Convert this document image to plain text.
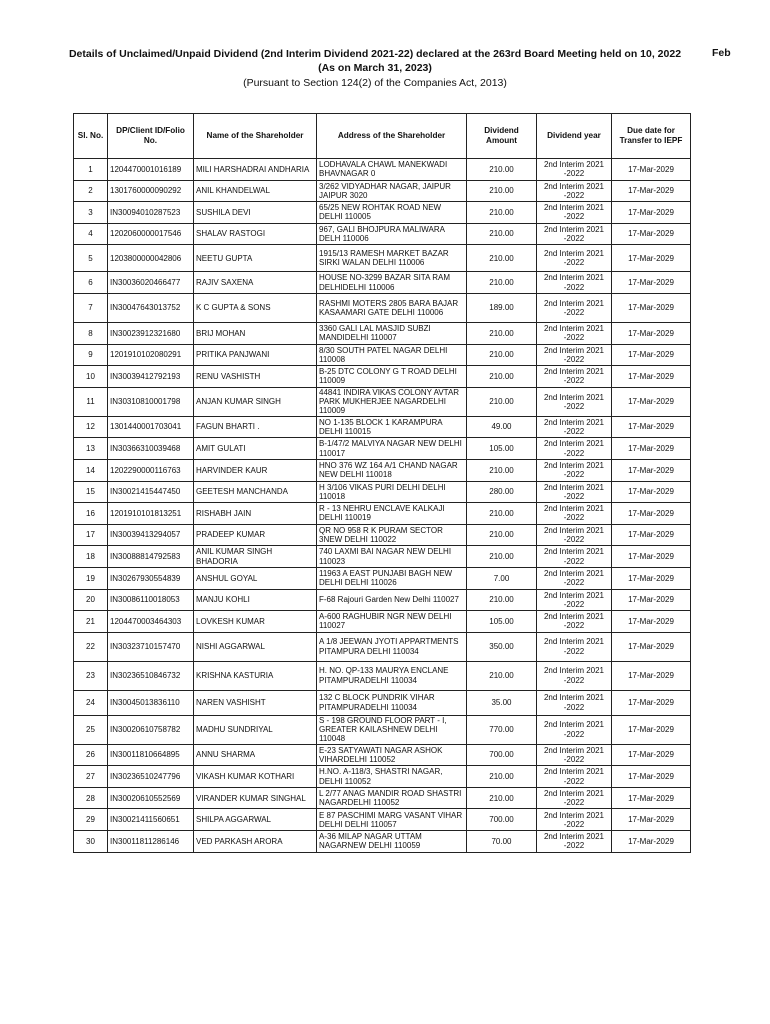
Details of Unclaimed/Unpaid Dividend (2nd Interim Dividend 2021-22) declared at the 263rd Board Meeting held on 10, 2022 (As on March 31, 2023)
Feb
(Pursuant to Section 124(2) of the Companies Act, 2013)
Sl. No.	DP/Client ID/Folio No.	Name of the Shareholder	Address of the Shareholder	Dividend Amount	Dividend year	Due date for Transfer to IEPF
1	1204470001016189	MILI HARSHADRAI ANDHARIA	LODHAVALA CHAWL MANEKWADI BHAVNAGAR 0	210.00	2nd Interim 2021 -2022	17-Mar-2029
2	1301760000090292	ANIL KHANDELWAL	3/262 VIDYADHAR NAGAR, JAIPUR JAIPUR 3020	210.00	2nd Interim 2021 -2022	17-Mar-2029
3	IN30094010287523	SUSHILA DEVI	65/25 NEW ROHTAK ROAD NEW DELHI 110005	210.00	2nd Interim 2021 -2022	17-Mar-2029
4	1202060000017546	SHALAV RASTOGI	967, GALI BHOJPURA MALIWARA DELH 110006	210.00	2nd Interim 2021 -2022	17-Mar-2029
5	1203800000042806	NEETU GUPTA	1915/13 RAMESH MARKET BAZAR SIRKI WALAN DELHI 110006	210.00	2nd Interim 2021 -2022	17-Mar-2029
6	IN30036020466477	RAJIV SAXENA	HOUSE NO-3299 BAZAR SITA RAM DELHIDELHI 110006	210.00	2nd Interim 2021 -2022	17-Mar-2029
7	IN30047643013752	K C GUPTA & SONS	RASHMI MOTERS 2805 BARA BAJAR KASAAMARI GATE DELHI 110006	189.00	2nd Interim 2021 -2022	17-Mar-2029
8	IN30023912321680	BRIJ MOHAN	3360 GALI LAL MASJID SUBZI MANDIDELHI 110007	210.00	2nd Interim 2021 -2022	17-Mar-2029
9	1201910102080291	PRITIKA PANJWANI	8/30 SOUTH PATEL NAGAR DELHI 110008	210.00	2nd Interim 2021 -2022	17-Mar-2029
10	IN30039412792193	RENU VASHISTH	B-25 DTC COLONY G T ROAD DELHI 110009	210.00	2nd Interim 2021 -2022	17-Mar-2029
11	IN30310810001798	ANJAN KUMAR SINGH	44841 INDIRA VIKAS COLONY AVTAR PARK MUKHERJEE NAGARDELHI 110009	210.00	2nd Interim 2021 -2022	17-Mar-2029
12	1301440001703041	FAGUN BHARTI .	NO 1-135 BLOCK 1 KARAMPURA DELHI 110015	49.00	2nd Interim 2021 -2022	17-Mar-2029
13	IN30366310039468	AMIT GULATI	B-1/47/2 MALVIYA NAGAR NEW DELHI 110017	105.00	2nd Interim 2021 -2022	17-Mar-2029
14	1202290000116763	HARVINDER KAUR	HNO 376 WZ 164 A/1 CHAND NAGAR NEW DELHI 110018	210.00	2nd Interim 2021 -2022	17-Mar-2029
15	IN30021415447450	GEETESH MANCHANDA	H 3/106 VIKAS PURI DELHI DELHI 110018	280.00	2nd Interim 2021 -2022	17-Mar-2029
16	1201910101813251	RISHABH JAIN	R - 13 NEHRU ENCLAVE KALKAJI DELHI 110019	210.00	2nd Interim 2021 -2022	17-Mar-2029
17	IN30039413294057	PRADEEP KUMAR	QR NO 958 R K PURAM SECTOR 3NEW DELHI 110022	210.00	2nd Interim 2021 -2022	17-Mar-2029
18	IN30088814792583	ANIL KUMAR SINGH BHADORIA	740 LAXMI BAI NAGAR NEW DELHI 110023	210.00	2nd Interim 2021 -2022	17-Mar-2029
19	IN30267930554839	ANSHUL GOYAL	11963 A EAST PUNJABI BAGH NEW DELHI DELHI 110026	7.00	2nd Interim 2021 -2022	17-Mar-2029
20	IN30086110018053	MANJU KOHLI	F-68 Rajouri Garden New Delhi 110027	210.00	2nd Interim 2021 -2022	17-Mar-2029
21	1204470003464303	LOVKESH KUMAR	A-600 RAGHUBIR NGR NEW DELHI 110027	105.00	2nd Interim 2021 -2022	17-Mar-2029
22	IN30323710157470	NISHI AGGARWAL	A 1/8 JEEWAN JYOTI APPARTMENTS PITAMPURA DELHI 110034	350.00	2nd Interim 2021 -2022	17-Mar-2029
23	IN30236510846732	KRISHNA KASTURIA	H. NO. QP-133 MAURYA ENCLANE PITAMPURADELHI 110034	210.00	2nd Interim 2021 -2022	17-Mar-2029
24	IN30045013836110	NAREN VASHISHT	132 C BLOCK PUNDRIK VIHAR PITAMPURADELHI 110034	35.00	2nd Interim 2021 -2022	17-Mar-2029
25	IN30020610758782	MADHU SUNDRIYAL	S - 198 GROUND FLOOR PART - I, GREATER KAILASHNEW DELHI 110048	770.00	2nd Interim 2021 -2022	17-Mar-2029
26	IN30011810664895	ANNU SHARMA	E-23 SATYAWATI NAGAR ASHOK VIHARDELHI 110052	700.00	2nd Interim 2021 -2022	17-Mar-2029
27	IN30236510247796	VIKASH KUMAR KOTHARI	H.NO. A-118/3, SHASTRI NAGAR, DELHI 110052	210.00	2nd Interim 2021 -2022	17-Mar-2029
28	IN30020610552569	VIRANDER KUMAR SINGHAL	L 2/77 ANAG MANDIR ROAD SHASTRI NAGARDELHI 110052	210.00	2nd Interim 2021 -2022	17-Mar-2029
29	IN30021411560651	SHILPA AGGARWAL	E 87 PASCHIMI MARG VASANT VIHAR DELHI DELHI 110057	700.00	2nd Interim 2021 -2022	17-Mar-2029
30	IN30011811286146	VED PARKASH ARORA	A-36 MILAP NAGAR UTTAM NAGARNEW DELHI 110059	70.00	2nd Interim 2021 -2022	17-Mar-2029
